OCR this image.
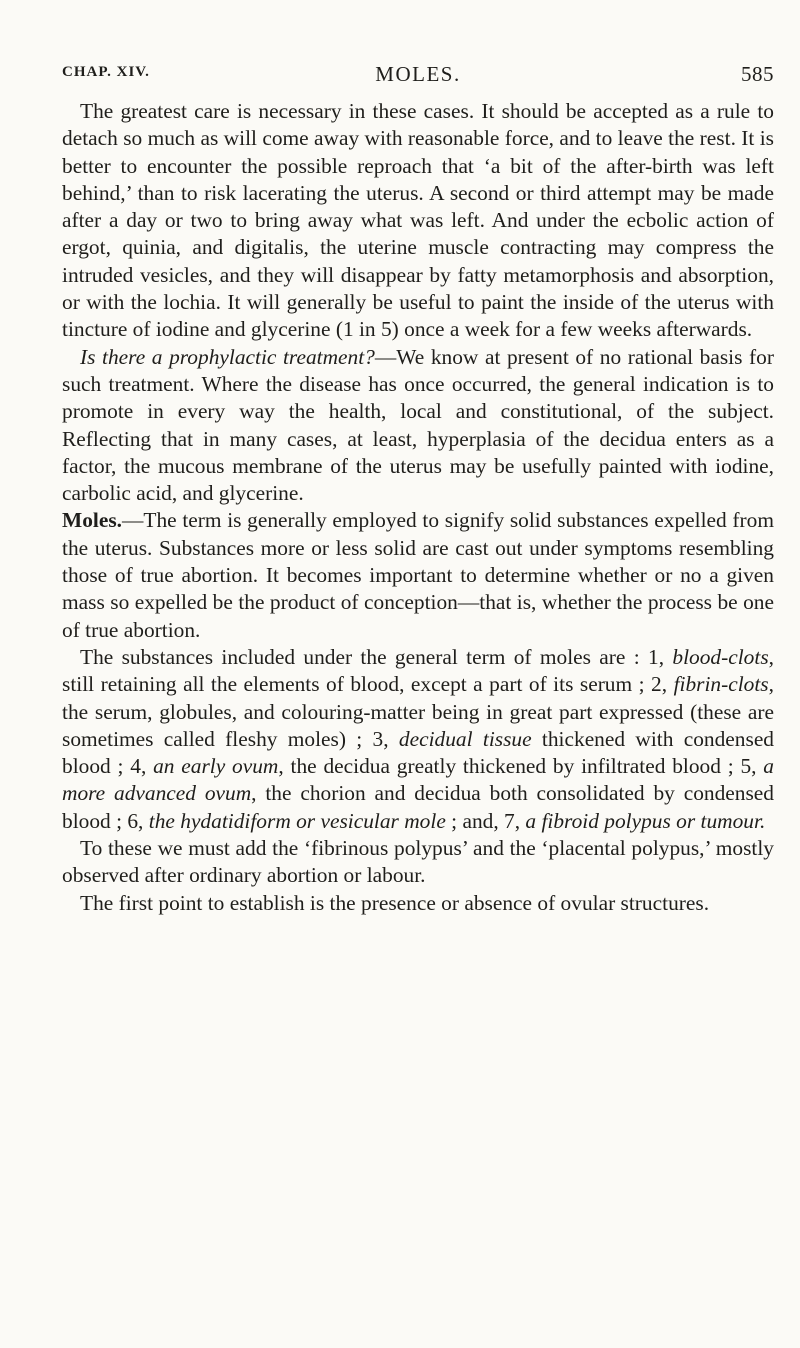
CHAP. XIV.	MOLES.	585

The greatest care is necessary in these cases. It should be accepted as a rule to detach so much as will come away with reasonable force, and to leave the rest. It is better to encounter the possible reproach that ‘a bit of the after-birth was left behind,’ than to risk lacerating the uterus. A second or third attempt may be made after a day or two to bring away what was left. And under the ecbolic action of ergot, quinia, and digitalis, the uterine muscle contracting may compress the intruded vesicles, and they will disappear by fatty metamorphosis and absorption, or with the lochia. It will generally be useful to paint the inside of the uterus with tincture of iodine and glycerine (1 in 5) once a week for a few weeks afterwards.

Is there a prophylactic treatment?—We know at present of no rational basis for such treatment. Where the disease has once occurred, the general indication is to promote in every way the health, local and constitutional, of the subject. Reflecting that in many cases, at least, hyperplasia of the decidua enters as a factor, the mucous membrane of the uterus may be usefully painted with iodine, carbolic acid, and glycerine.

Moles.—The term is generally employed to signify solid substances expelled from the uterus. Substances more or less solid are cast out under symptoms resembling those of true abortion. It becomes important to determine whether or no a given mass so expelled be the product of conception—that is, whether the process be one of true abortion.

The substances included under the general term of moles are : 1, blood-clots, still retaining all the elements of blood, except a part of its serum ; 2, fibrin-clots, the serum, globules, and colouring-matter being in great part expressed (these are sometimes called fleshy moles) ; 3, decidual tissue thickened with condensed blood ; 4, an early ovum, the decidua greatly thickened by infiltrated blood ; 5, a more advanced ovum, the chorion and decidua both consolidated by condensed blood ; 6, the hydatidiform or vesicular mole ; and, 7, a fibroid polypus or tumour.

To these we must add the ‘fibrinous polypus’ and the ‘placental polypus,’ mostly observed after ordinary abortion or labour.

The first point to establish is the presence or absence of ovular structures.
